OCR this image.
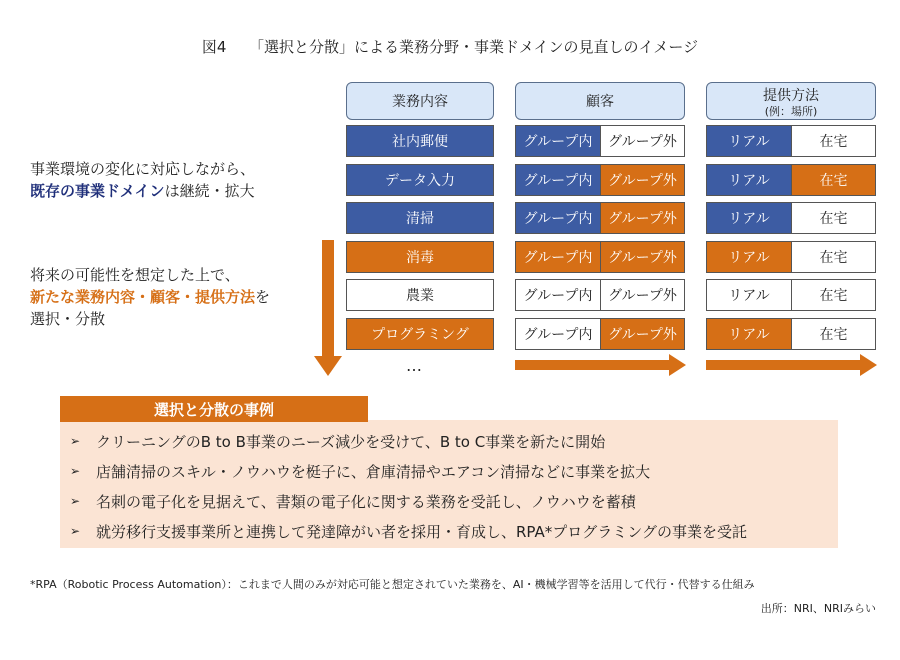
図4　　「選択と分散」による業務分野・事業ドメインの見直しのイメージ
業務内容	顧客	提供方法
(例：場所)
社内郵便	グループ内	グループ外	リアル	在宅
データ入力	グループ内	グループ外	リアル	在宅
清掃	グループ内	グループ外	リアル	在宅
消毒	グループ内	グループ外	リアル	在宅
農業	グループ内	グループ外	リアル	在宅
プログラミング	グループ内	グループ外	リアル	在宅
…
事業環境の変化に対応しながら、
既存の事業ドメインは継続・拡大
将来の可能性を想定した上で、
新たな業務内容・顧客・提供方法を
選択・分散
選択と分散の事例
➢	クリーニングのB to B事業のニーズ減少を受けて、B to C事業を新たに開始
➢	店舗清掃のスキル・ノウハウを梃子に、倉庫清掃やエアコン清掃などに事業を拡大
➢	名刺の電子化を見据えて、書類の電子化に関する業務を受託し、ノウハウを蓄積
➢	就労移行支援事業所と連携して発達障がい者を採用・育成し、RPA*プログラミングの事業を受託
*RPA（Robotic Process Automation）：これまで人間のみが対応可能と想定されていた業務を、AI・機械学習等を活用して代行・代替する仕組み
出所：NRI、NRIみらい
